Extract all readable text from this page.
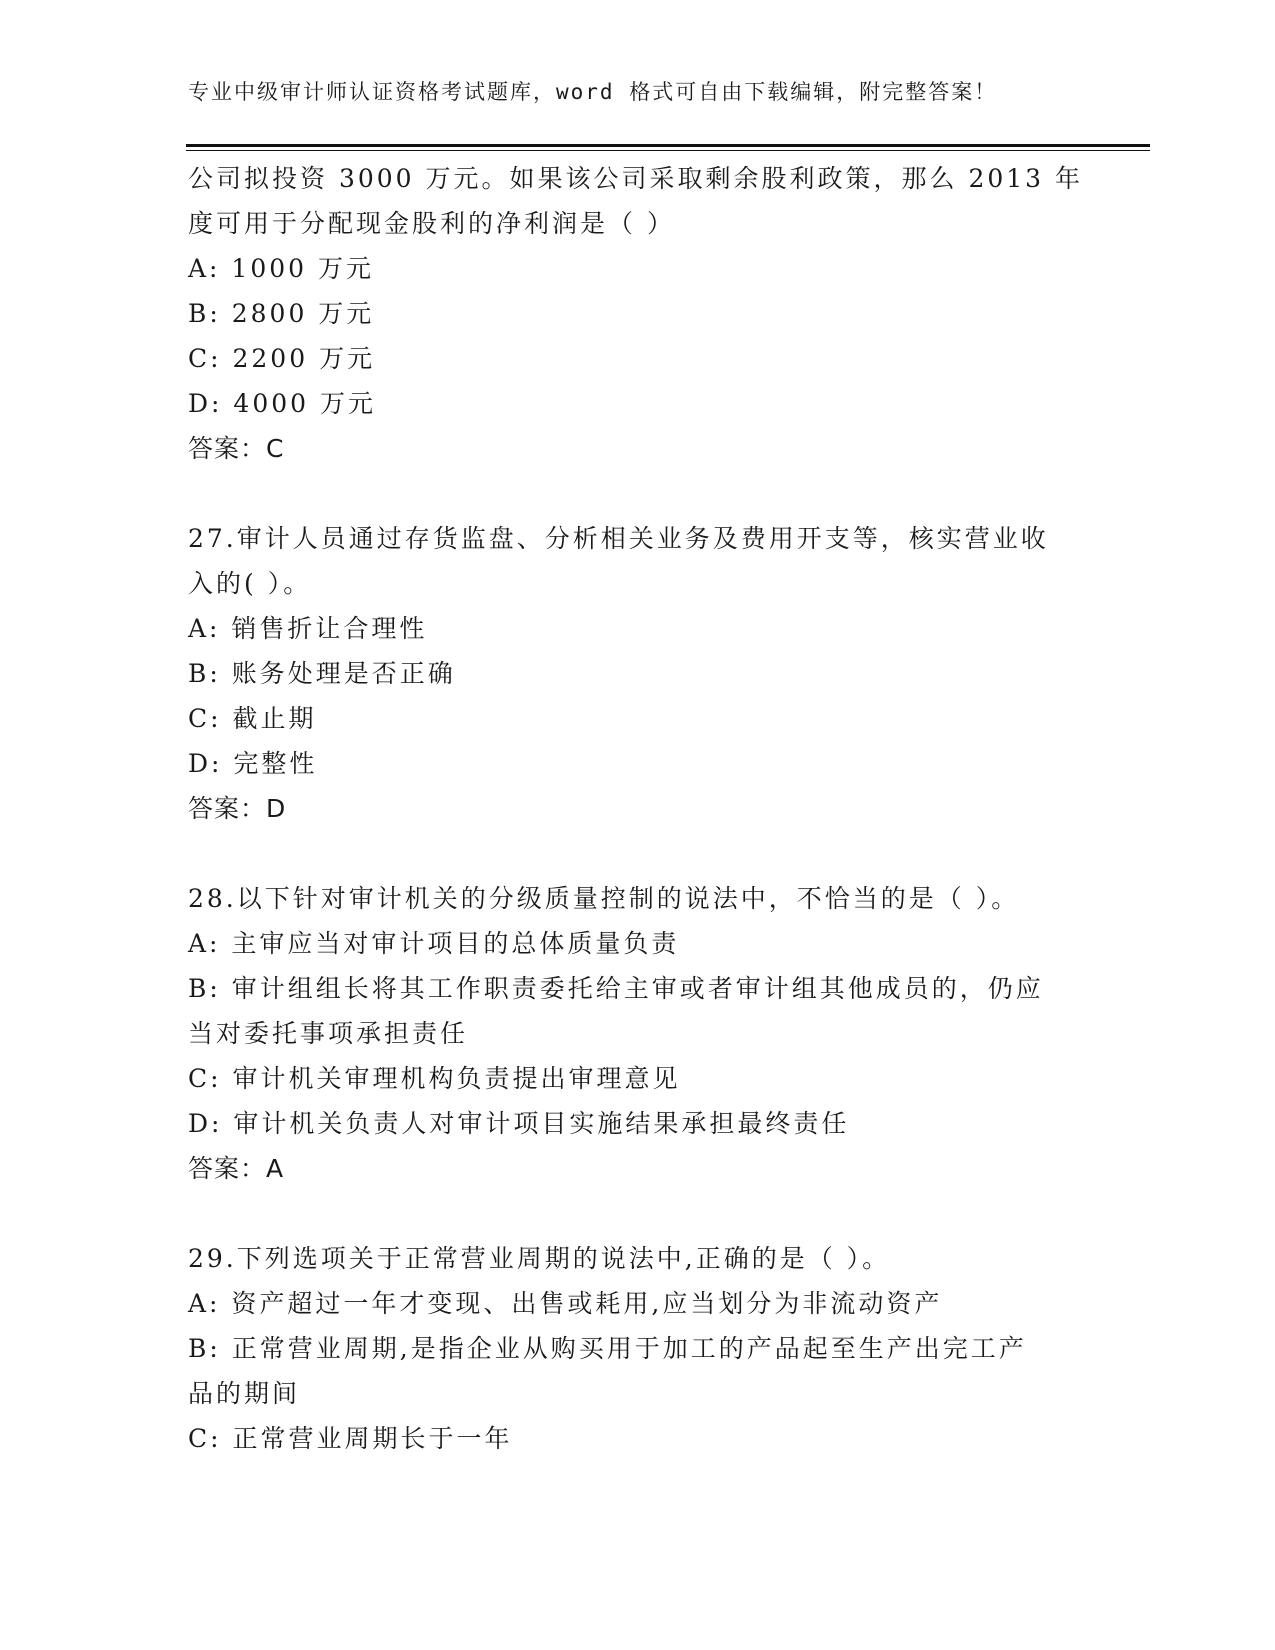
专业中级审计师认证资格考试题库，word 格式可自由下载编辑，附完整答案！
公司拟投资 3000 万元。如果该公司采取剩余股利政策，那么 2013 年
度可用于分配现金股利的净利润是（ ）
A: 1000 万元
B: 2800 万元
C: 2200 万元
D: 4000 万元
答案：C
27.审计人员通过存货监盘、分析相关业务及费用开支等，核实营业收
入的( ）。
A: 销售折让合理性
B: 账务处理是否正确
C: 截止期
D: 完整性
答案：D
28.以下针对审计机关的分级质量控制的说法中，不恰当的是（ ）。
A: 主审应当对审计项目的总体质量负责
B: 审计组组长将其工作职责委托给主审或者审计组其他成员的，仍应
当对委托事项承担责任
C: 审计机关审理机构负责提出审理意见
D: 审计机关负责人对审计项目实施结果承担最终责任
答案：A
29.下列选项关于正常营业周期的说法中,正确的是（ ）。
A: 资产超过一年才变现、出售或耗用,应当划分为非流动资产
B: 正常营业周期,是指企业从购买用于加工的产品起至生产出完工产
品的期间
C: 正常营业周期长于一年
